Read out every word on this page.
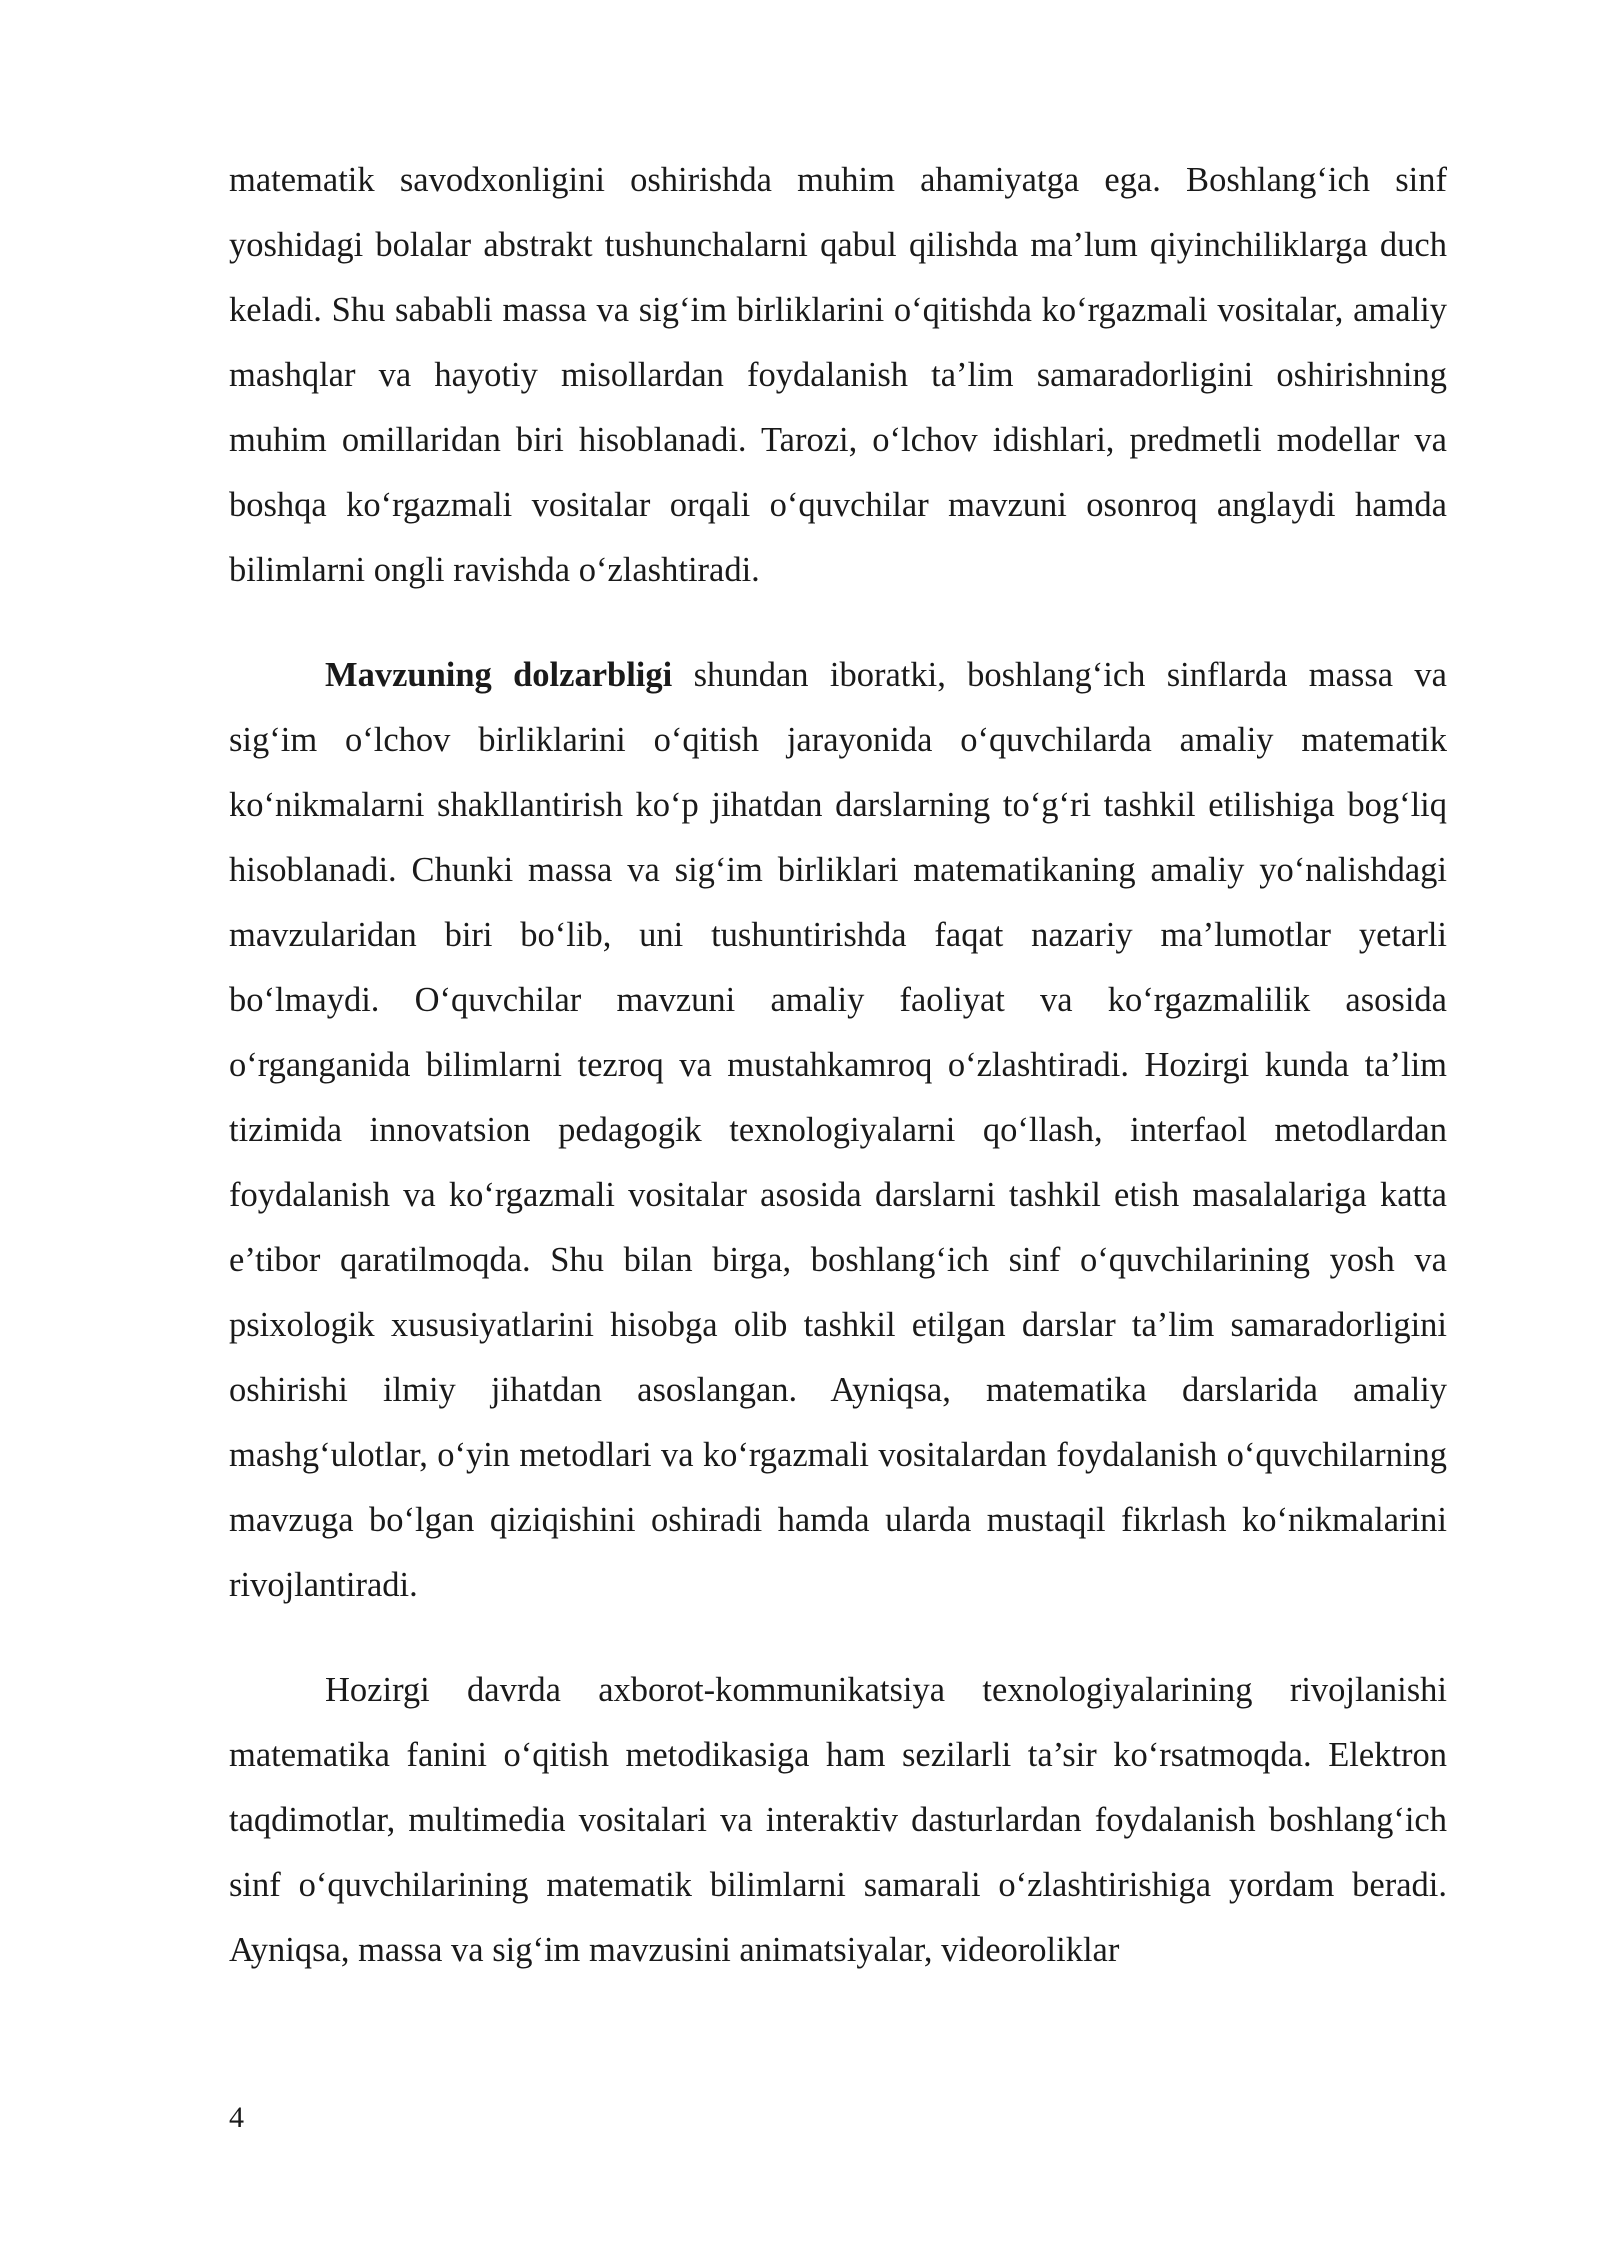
matematik savodxonligini oshirishda muhim ahamiyatga ega. Boshlang‘ich sinf yoshidagi bolalar abstrakt tushunchalarni qabul qilishda ma’lum qiyinchiliklarga duch keladi. Shu sababli massa va sig‘im birliklarini o‘qitishda ko‘rgazmali vositalar, amaliy mashqlar va hayotiy misollardan foydalanish ta’lim samaradorligini oshirishning muhim omillaridan biri hisoblanadi. Tarozi, o‘lchov idishlari, predmetli modellar va boshqa ko‘rgazmali vositalar orqali o‘quvchilar mavzuni osonroq anglaydi hamda bilimlarni ongli ravishda o‘zlashtiradi.

Mavzuning dolzarbligi shundan iboratki, boshlang‘ich sinflarda massa va sig‘im o‘lchov birliklarini o‘qitish jarayonida o‘quvchilarda amaliy matematik ko‘nikmalarni shakllantirish ko‘p jihatdan darslarning to‘g‘ri tashkil etilishiga bog‘liq hisoblanadi. Chunki massa va sig‘im birliklari matematikaning amaliy yo‘nalishdagi mavzularidan biri bo‘lib, uni tushuntirishda faqat nazariy ma’lumotlar yetarli bo‘lmaydi. O‘quvchilar mavzuni amaliy faoliyat va ko‘rgazmalilik asosida o‘rganganida bilimlarni tezroq va mustahkamroq o‘zlashtiradi. Hozirgi kunda ta’lim tizimida innovatsion pedagogik texnologiyalarni qo‘llash, interfaol metodlardan foydalanish va ko‘rgazmali vositalar asosida darslarni tashkil etish masalalariga katta e’tibor qaratilmoqda. Shu bilan birga, boshlang‘ich sinf o‘quvchilarining yosh va psixologik xususiyatlarini hisobga olib tashkil etilgan darslar ta’lim samaradorligini oshirishi ilmiy jihatdan asoslangan. Ayniqsa, matematika darslarida amaliy mashg‘ulotlar, o‘yin metodlari va ko‘rgazmali vositalardan foydalanish o‘quvchilarning mavzuga bo‘lgan qiziqishini oshiradi hamda ularda mustaqil fikrlash ko‘nikmalarini rivojlantiradi.

Hozirgi davrda axborot-kommunikatsiya texnologiyalarining rivojlanishi matematika fanini o‘qitish metodikasiga ham sezilarli ta’sir ko‘rsatmoqda. Elektron taqdimotlar, multimedia vositalari va interaktiv dasturlardan foydalanish boshlang‘ich sinf o‘quvchilarining matematik bilimlarni samarali o‘zlashtirishiga yordam beradi. Ayniqsa, massa va sig‘im mavzusini animatsiyalar, videoroliklar

4
